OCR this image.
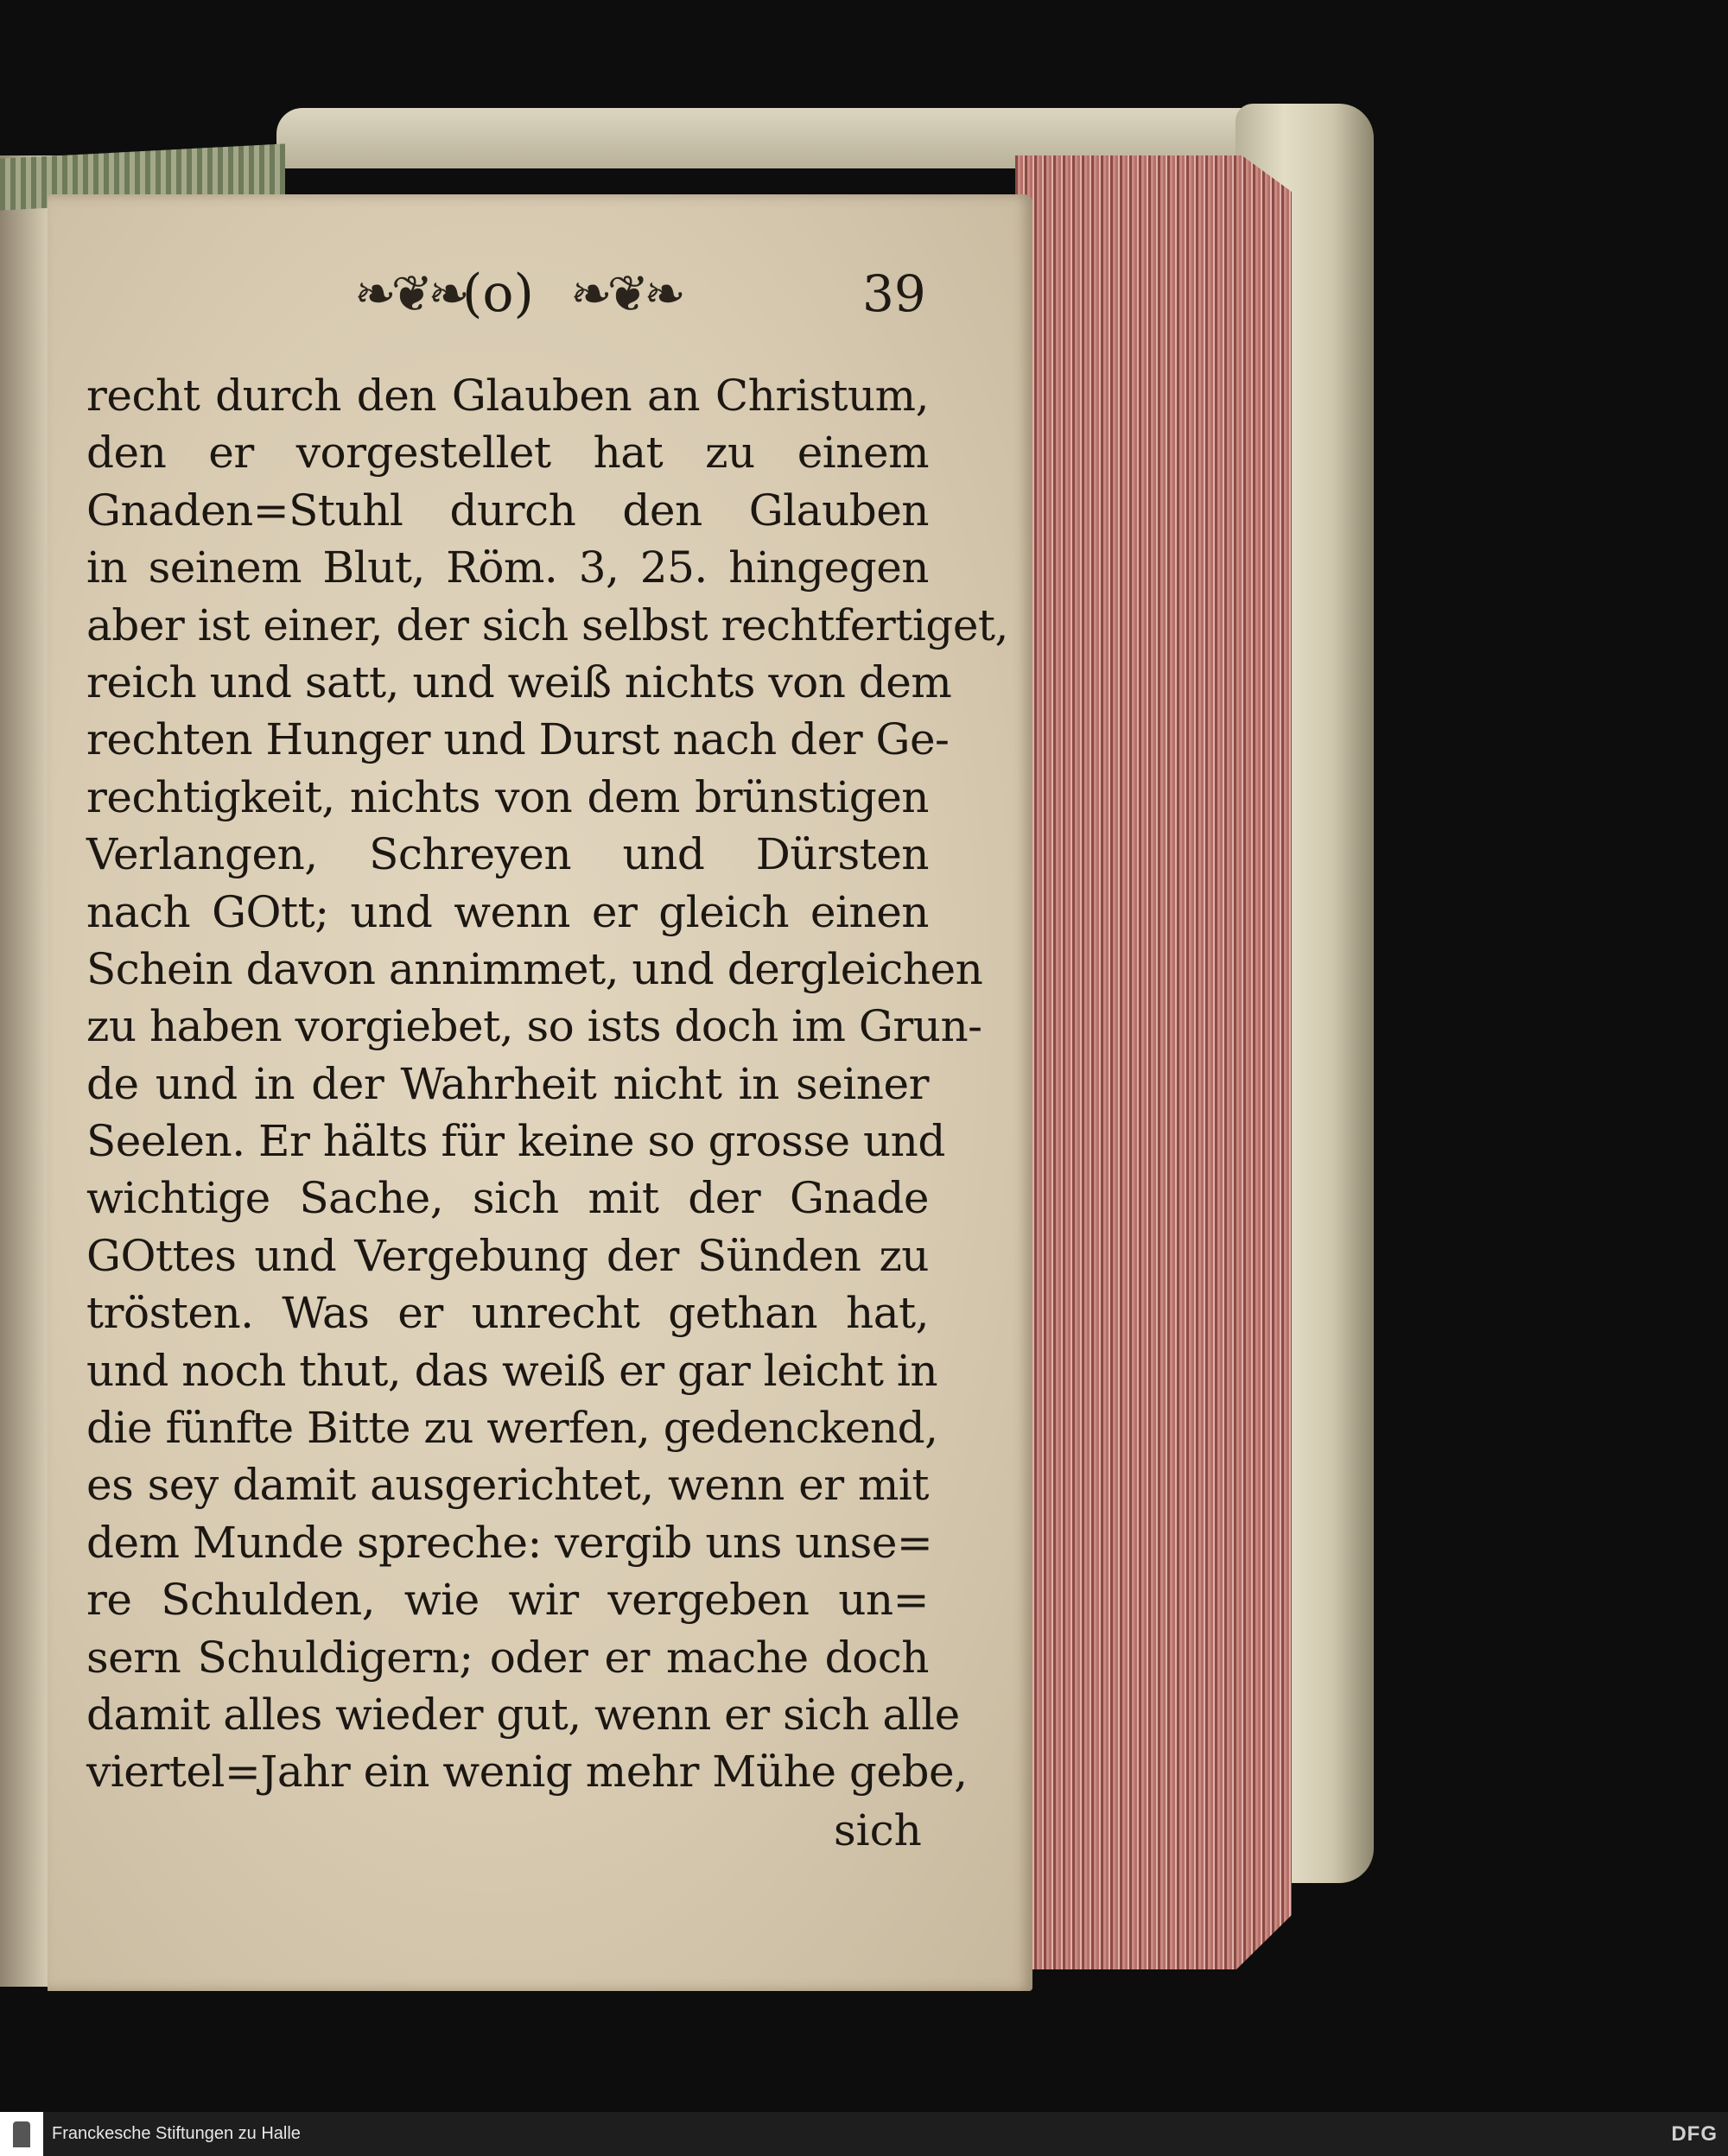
❧❦❧
(o) ❧❦❧	39
recht durch den Glauben an Christum,
den er vorgestellet hat zu einem
Gnaden=Stuhl durch den Glauben
in seinem Blut, Röm. 3, 25. hingegen
aber ist einer, der sich selbst rechtfertiget,
reich und satt, und weiß nichts von dem
rechten Hunger und Durst nach der Ge-
rechtigkeit, nichts von dem brünstigen
Verlangen, Schreyen und Dürsten
nach GOtt; und wenn er gleich einen
Schein davon annimmet, und dergleichen
zu haben vorgiebet, so ists doch im Grun-
de und in der Wahrheit nicht in seiner
Seelen. Er hälts für keine so grosse und
wichtige Sache, sich mit der Gnade
GOttes und Vergebung der Sünden zu
trösten. Was er unrecht gethan hat,
und noch thut, das weiß er gar leicht in
die fünfte Bitte zu werfen, gedenckend,
es sey damit ausgerichtet, wenn er mit
dem Munde spreche: vergib uns unse=
re Schulden, wie wir vergeben un=
sern Schuldigern; oder er mache doch
damit alles wieder gut, wenn er sich alle
viertel=Jahr ein wenig mehr Mühe gebe,
sich
Franckesche Stiftungen zu Halle	DFG
